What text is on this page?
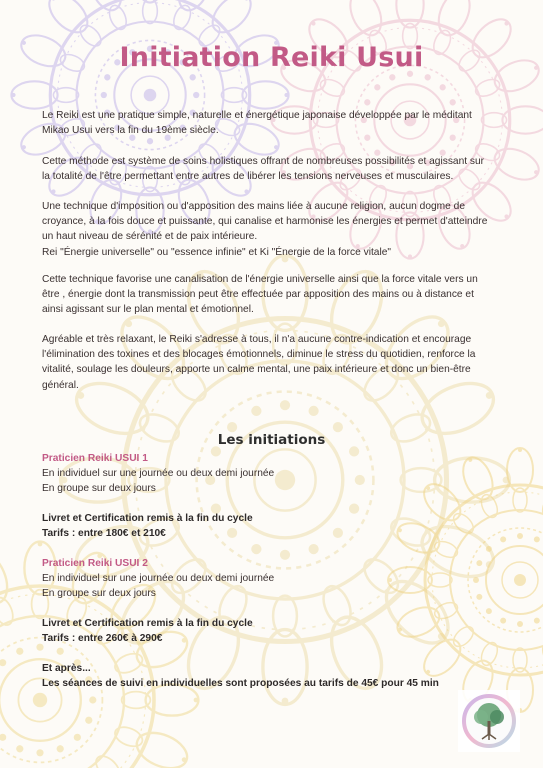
Initiation Reiki Usui

Le Reiki est une pratique simple, naturelle et énergétique japonaise développée par le méditant
Mikao Usui vers la fin du 19ème siècle.

Cette méthode est système de soins holistiques offrant de nombreuses possibilités et agissant sur
la totalité de l'être permettant entre autres de libérer les tensions nerveuses et musculaires.

Une technique d'imposition ou d'apposition des mains liée à aucune religion, aucun dogme de
croyance, à la fois douce et puissante, qui canalise et harmonise les énergies et permet d'atteindre
un haut niveau de sérénité et de paix intérieure.
Rei "Énergie universelle" ou "essence infinie" et Ki "Énergie de la force vitale"

Cette technique favorise une canalisation de l'énergie universelle ainsi que la force vitale vers un
être , énergie dont la transmission peut être effectuée par apposition des mains ou à distance et
ainsi agissant sur le plan mental et émotionnel.

Agréable et très relaxant, le Reiki s'adresse à tous, il n'a aucune contre-indication et encourage
l'élimination des toxines et des blocages émotionnels, diminue le stress du quotidien, renforce la
vitalité, soulage les douleurs, apporte un calme mental, une paix intérieure et donc un bien-être
général.

Les initiations

Praticien Reiki USUI 1

En individuel sur une journée ou deux demi journée

En groupe sur deux jours

Livret et Certification remis à la fin du cycle

Tarifs : entre 180€ et 210€

Praticien Reiki USUI 2

En individuel sur une journée ou deux demi journée

En groupe sur deux jours

Livret et Certification remis à la fin du cycle

Tarifs : entre 260€ à 290€

Et après...

Les séances de suivi en individuelles sont proposées au tarifs de 45€ pour 45 min
